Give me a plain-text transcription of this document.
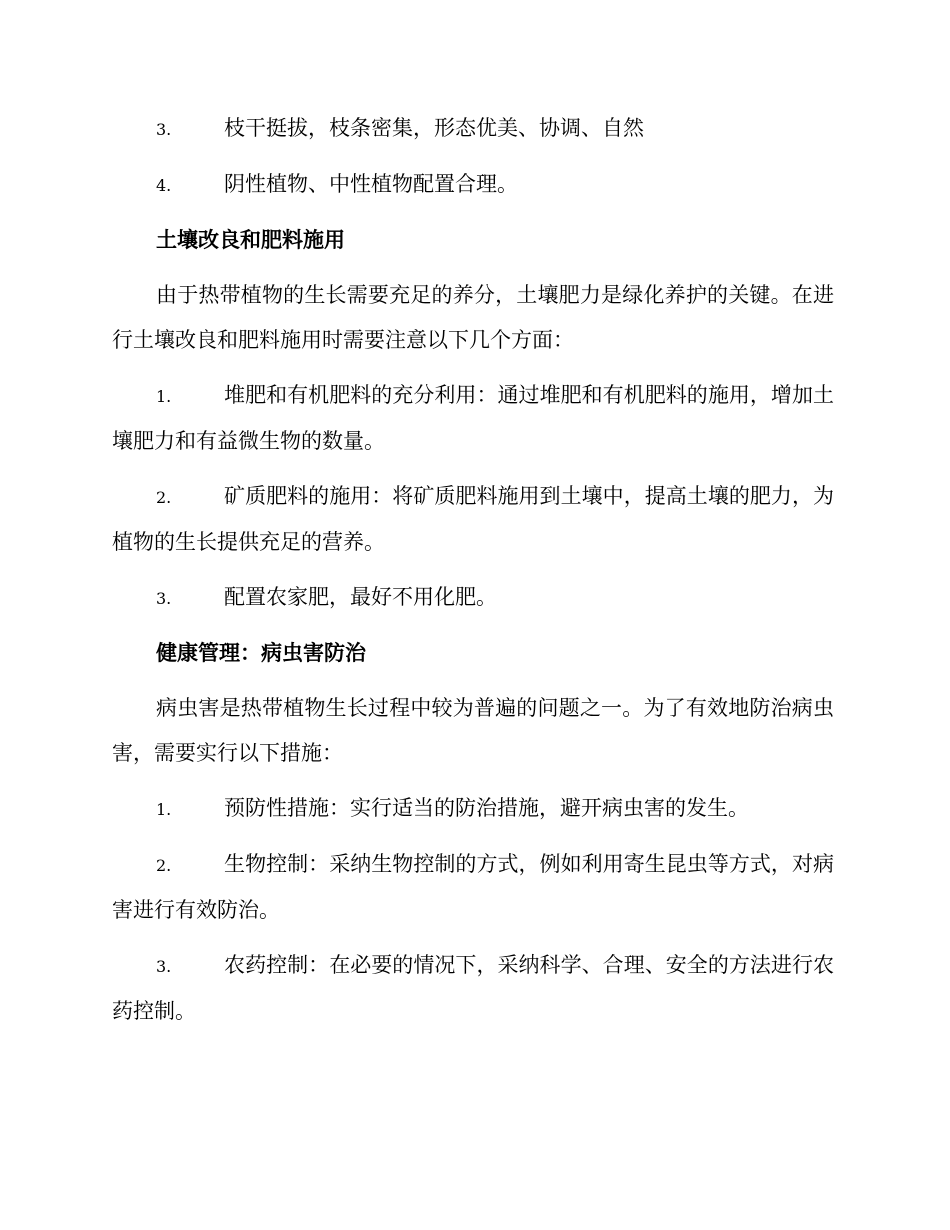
3.	枝干挺拔，枝条密集，形态优美、协调、自然
4.	阴性植物、中性植物配置合理。
土壤改良和肥料施用
由于热带植物的生长需要充足的养分，土壤肥力是绿化养护的关键。在进行土壤改良和肥料施用时需要注意以下几个方面：
1.	堆肥和有机肥料的充分利用：通过堆肥和有机肥料的施用，增加土壤肥力和有益微生物的数量。
2.	矿质肥料的施用：将矿质肥料施用到土壤中，提高土壤的肥力，为植物的生长提供充足的营养。
3.	配置农家肥，最好不用化肥。
健康管理：病虫害防治
病虫害是热带植物生长过程中较为普遍的问题之一。为了有效地防治病虫害，需要实行以下措施：
1.	预防性措施：实行适当的防治措施，避开病虫害的发生。
2.	生物控制：采纳生物控制的方式，例如利用寄生昆虫等方式，对病害进行有效防治。
3.	农药控制：在必要的情况下，采纳科学、合理、安全的方法进行农药控制。
